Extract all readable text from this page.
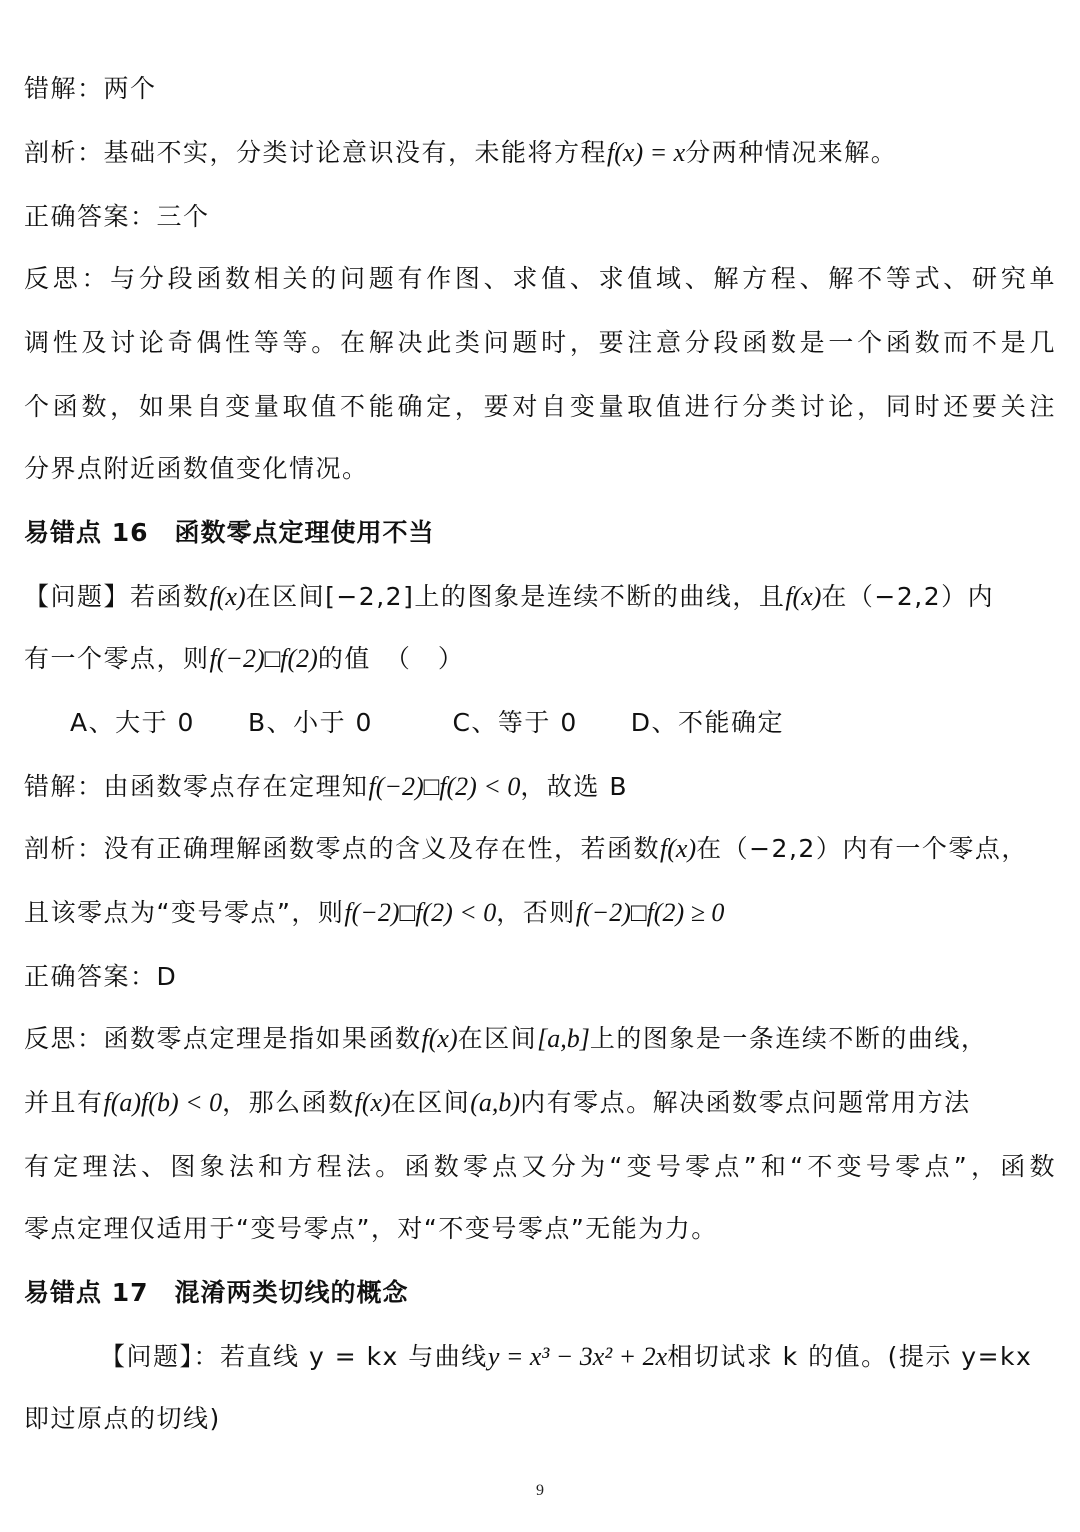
错解：两个
剖析：基础不实，分类讨论意识没有，未能将方程f(x) = x分两种情况来解。
正确答案：三个
反思：与分段函数相关的问题有作图、求值、求值域、解方程、解不等式、研究单
调性及讨论奇偶性等等。在解决此类问题时，要注意分段函数是一个函数而不是几
个函数，如果自变量取值不能确定，要对自变量取值进行分类讨论，同时还要关注
分界点附近函数值变化情况。
易错点 16　函数零点定理使用不当
【问题】若函数f(x)在区间[−2,2]上的图象是连续不断的曲线，且f(x)在（−2,2）内
有一个零点，则f(−2)□f(2)的值　（　）
A、大于 0　　B、小于 0　　　C、等于 0　　D、不能确定
错解：由函数零点存在定理知f(−2)□f(2) < 0，故选 B
剖析：没有正确理解函数零点的含义及存在性，若函数f(x)在（−2,2）内有一个零点，
且该零点为“变号零点”，则f(−2)□f(2) < 0，否则f(−2)□f(2) ≥ 0
正确答案：D
反思：函数零点定理是指如果函数f(x)在区间[a,b]上的图象是一条连续不断的曲线，
并且有f(a)f(b) < 0，那么函数f(x)在区间(a,b)内有零点。解决函数零点问题常用方法
有定理法、图象法和方程法。函数零点又分为“变号零点”和“不变号零点”，函数
零点定理仅适用于“变号零点”，对“不变号零点”无能为力。
易错点 17　混淆两类切线的概念
【问题】：若直线 y = kx 与曲线y = x³ − 3x² + 2x相切试求 k 的值。(提示 y=kx
即过原点的切线)
9
